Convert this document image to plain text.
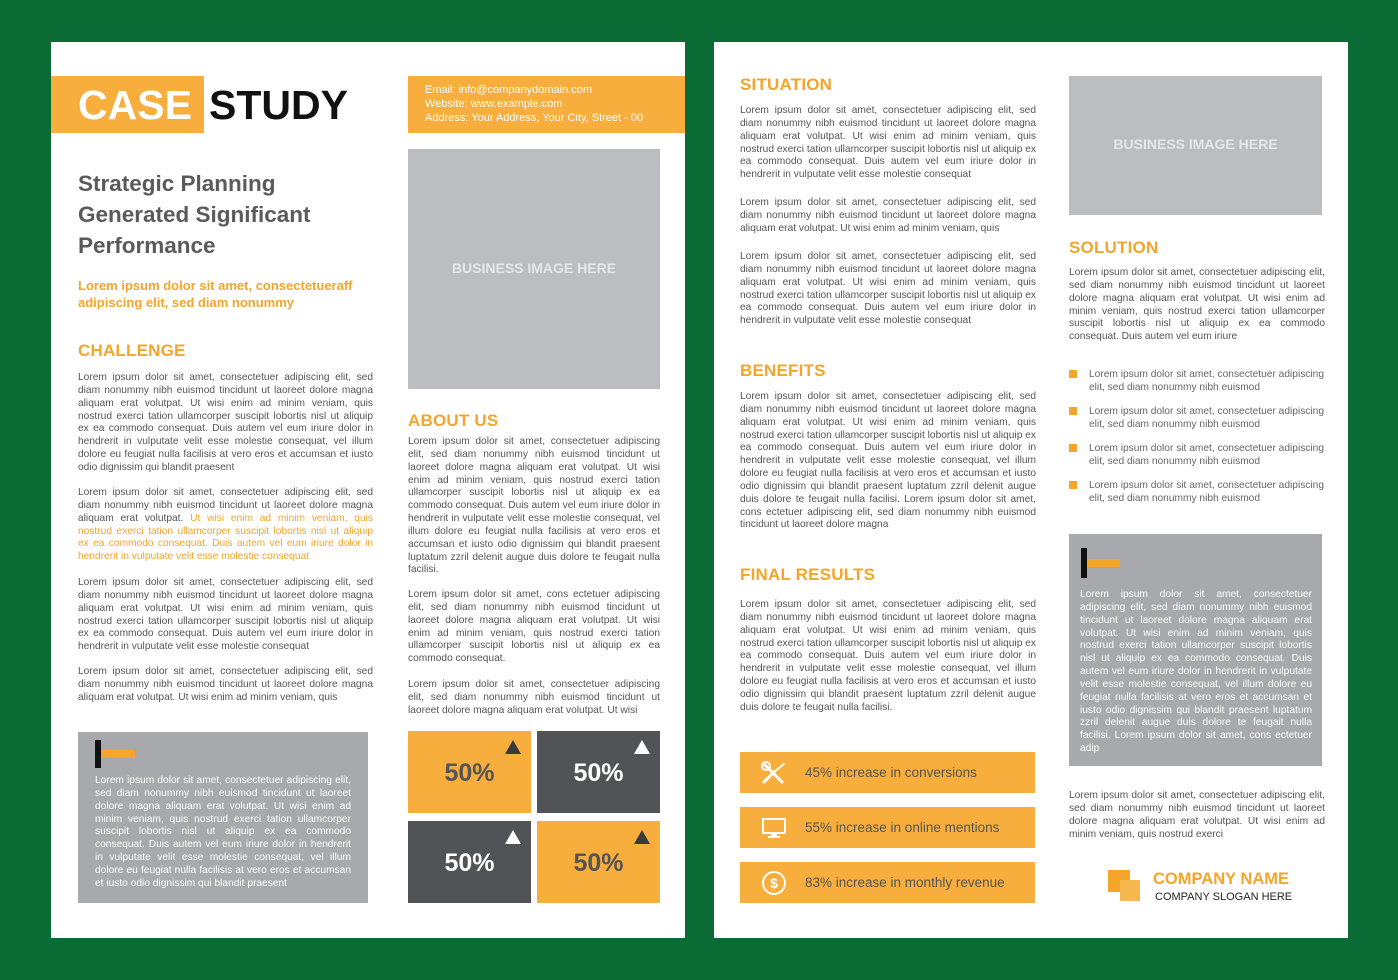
CASE STUDY	Email: info@companydomain.com
Website: www.example.com
Address: Your Address, Your City, Street - 00
Strategic Planning
Generated Significant
Performance
Lorem ipsum dolor sit amet, consectetueraff
adipiscing elit, sed diam nonummy
CHALLENGE

Lorem ipsum dolor sit amet, consectetuer adipiscing elit, sed diam nonummy nibh euismod tincidunt ut laoreet dolore magna aliquam erat volutpat. Ut wisi enim ad minim veniam, quis nostrud exerci tation ullamcorper suscipit lobortis nisl ut aliquip ex ea commodo consequat. Duis autem vel eum iriure dolor in hendrerit in vulputate velit esse molestie consequat, vel illum dolore eu feugiat nulla facilisis at vero eros et accumsan et iusto odio dignissim qui blandit praesent

Lorem ipsum dolor sit amet, consectetuer adipiscing elit, sed diam nonummy nibh euismod tincidunt ut laoreet dolore magna aliquam erat volutpat. Ut wisi enim ad minim veniam, quis nostrud exerci tation ullamcorper suscipit lobortis nisl ut aliquip ex ea commodo consequat. Duis autem vel eum iriure dolor in hendrerit in vulputate velit esse molestie consequat

Lorem ipsum dolor sit amet, consectetuer adipiscing elit, sed diam nonummy nibh euismod tincidunt ut laoreet dolore magna aliquam erat volutpat. Ut wisi enim ad minim veniam, quis nostrud exerci tation ullamcorper suscipit lobortis nisl ut aliquip ex ea commodo consequat. Duis autem vel eum iriure dolor in hendrerit in vulputate velit esse molestie consequat

Lorem ipsum dolor sit amet, consectetuer adipiscing elit, sed diam nonummy nibh euismod tincidunt ut laoreet dolore magna aliquam erat volutpat. Ut wisi enim ad minim veniam, quis

Lorem ipsum dolor sit amet, consectetuer adipiscing elit, sed diam nonummy nibh euismod tincidunt ut laoreet dolore magna aliquam erat volutpat. Ut wisi enim ad minim veniam, quis nostrud exerci tation ullamcorper suscipit lobortis nisl ut aliquip ex ea commodo consequat. Duis autem vel eum iriure dolor in hendrerit in vulputate velit esse molestie consequat, vel illum dolore eu feugiat nulla facilisis at vero eros et accumsan et iusto odio dignissim qui blandit praesent

BUSINESS IMAGE HERE
ABOUT US

Lorem ipsum dolor sit amet, consectetuer adipiscing elit, sed diam nonummy nibh euismod tincidunt ut laoreet dolore magna aliquam erat volutpat. Ut wisi enim ad minim veniam, quis nostrud exerci tation ullamcorper suscipit lobortis nisl ut aliquip ex ea commodo consequat. Duis autem vel eum iriure dolor in hendrerit in vulputate velit esse molestie consequat, vel illum dolore eu feugiat nulla facilisis at vero eros et accumsan et iusto odio dignissim qui blandit praesent luptatum zzril delenit augue duis dolore te feugait nulla facilisi.

Lorem ipsum dolor sit amet, cons ectetuer adipiscing elit, sed diam nonummy nibh euismod tincidunt ut laoreet dolore magna aliquam erat volutpat. Ut wisi enim ad minim veniam, quis nostrud exerci tation ullamcorper suscipit lobortis nisl ut aliquip ex ea commodo consequat.

Lorem ipsum dolor sit amet, consectetuer adipiscing elit, sed diam nonummy nibh euismod tincidunt ut laoreet dolore magna aliquam erat volutpat. Ut wisi

50%	50%
50%	50%
SITUATION

Lorem ipsum dolor sit amet, consectetuer adipiscing elit, sed diam nonummy nibh euismod tincidunt ut laoreet dolore magna aliquam erat volutpat. Ut wisi enim ad minim veniam, quis nostrud exerci tation ullamcorper suscipit lobortis nisl ut aliquip ex ea commodo consequat. Duis autem vel eum iriure dolor in hendrerit in vulputate velit esse molestie consequat

Lorem ipsum dolor sit amet, consectetuer adipiscing elit, sed diam nonummy nibh euismod tincidunt ut laoreet dolore magna aliquam erat volutpat. Ut wisi enim ad minim veniam, quis

Lorem ipsum dolor sit amet, consectetuer adipiscing elit, sed diam nonummy nibh euismod tincidunt ut laoreet dolore magna aliquam erat volutpat. Ut wisi enim ad minim veniam, quis nostrud exerci tation ullamcorper suscipit lobortis nisl ut aliquip ex ea commodo consequat. Duis autem vel eum iriure dolor in hendrerit in vulputate velit esse molestie consequat

BENEFITS

Lorem ipsum dolor sit amet, consectetuer adipiscing elit, sed diam nonummy nibh euismod tincidunt ut laoreet dolore magna aliquam erat volutpat. Ut wisi enim ad minim veniam, quis nostrud exerci tation ullamcorper suscipit lobortis nisl ut aliquip ex ea commodo consequat. Duis autem vel eum iriure dolor in hendrerit in vulputate velit esse molestie consequat, vel illum dolore eu feugiat nulla facilisis at vero eros et accumsan et iusto odio dignissim qui blandit praesent luptatum zzril delenit augue duis dolore te feugait nulla facilisi. Lorem ipsum dolor sit amet, cons ectetuer adipiscing elit, sed diam nonummy nibh euismod tincidunt ut laoreet dolore magna

FINAL RESULTS

Lorem ipsum dolor sit amet, consectetuer adipiscing elit, sed diam nonummy nibh euismod tincidunt ut laoreet dolore magna aliquam erat volutpat. Ut wisi enim ad minim veniam, quis nostrud exerci tation ullamcorper suscipit lobortis nisl ut aliquip ex ea commodo consequat. Duis autem vel eum iriure dolor in hendrerit in vulputate velit esse molestie consequat, vel illum dolore eu feugiat nulla facilisis at vero eros et accumsan et iusto odio dignissim qui blandit praesent luptatum zzril delenit augue duis dolore te feugait nulla facilisi.

45% increase in conversions
55% increase in online mentions
$ 83% increase in monthly revenue
BUSINESS IMAGE HERE
SOLUTION

Lorem ipsum dolor sit amet, consectetuer adipiscing elit, sed diam nonummy nibh euismod tincidunt ut laoreet dolore magna aliquam erat volutpat. Ut wisi enim ad minim veniam, quis nostrud exerci tation ullamcorper suscipit lobortis nisl ut aliquip ex ea commodo consequat. Duis autem vel eum iriure

Lorem ipsum dolor sit amet, consectetuer adipiscing elit, sed diam nonummy nibh euismod

Lorem ipsum dolor sit amet, consectetuer adipiscing elit, sed diam nonummy nibh euismod

Lorem ipsum dolor sit amet, consectetuer adipiscing elit, sed diam nonummy nibh euismod

Lorem ipsum dolor sit amet, consectetuer adipiscing elit, sed diam nonummy nibh euismod

Lorem ipsum dolor sit amet, consectetuer adipiscing elit, sed diam nonummy nibh euismod tincidunt ut laoreet dolore magna aliquam erat volutpat. Ut wisi enim ad minim veniam, quis nostrud exerci tation ullamcorper suscipit lobortis nisl ut aliquip ex ea commodo consequat. Duis autem vel eum iriure dolor in hendrerit in vulputate velit esse molestie consequat, vel illum dolore eu feugiat nulla facilisis at vero eros et accumsan et iusto odio dignissim qui blandit praesent luptatum zzril delenit augue duis dolore te feugait nulla facilisi. Lorem ipsum dolor sit amet, cons ectetuer adip

Lorem ipsum dolor sit amet, consectetuer adipiscing elit, sed diam nonummy nibh euismod tincidunt ut laoreet dolore magna aliquam erat volutpat. Ut wisi enim ad minim veniam, quis nostrud exerci

COMPANY NAME
COMPANY SLOGAN HERE
